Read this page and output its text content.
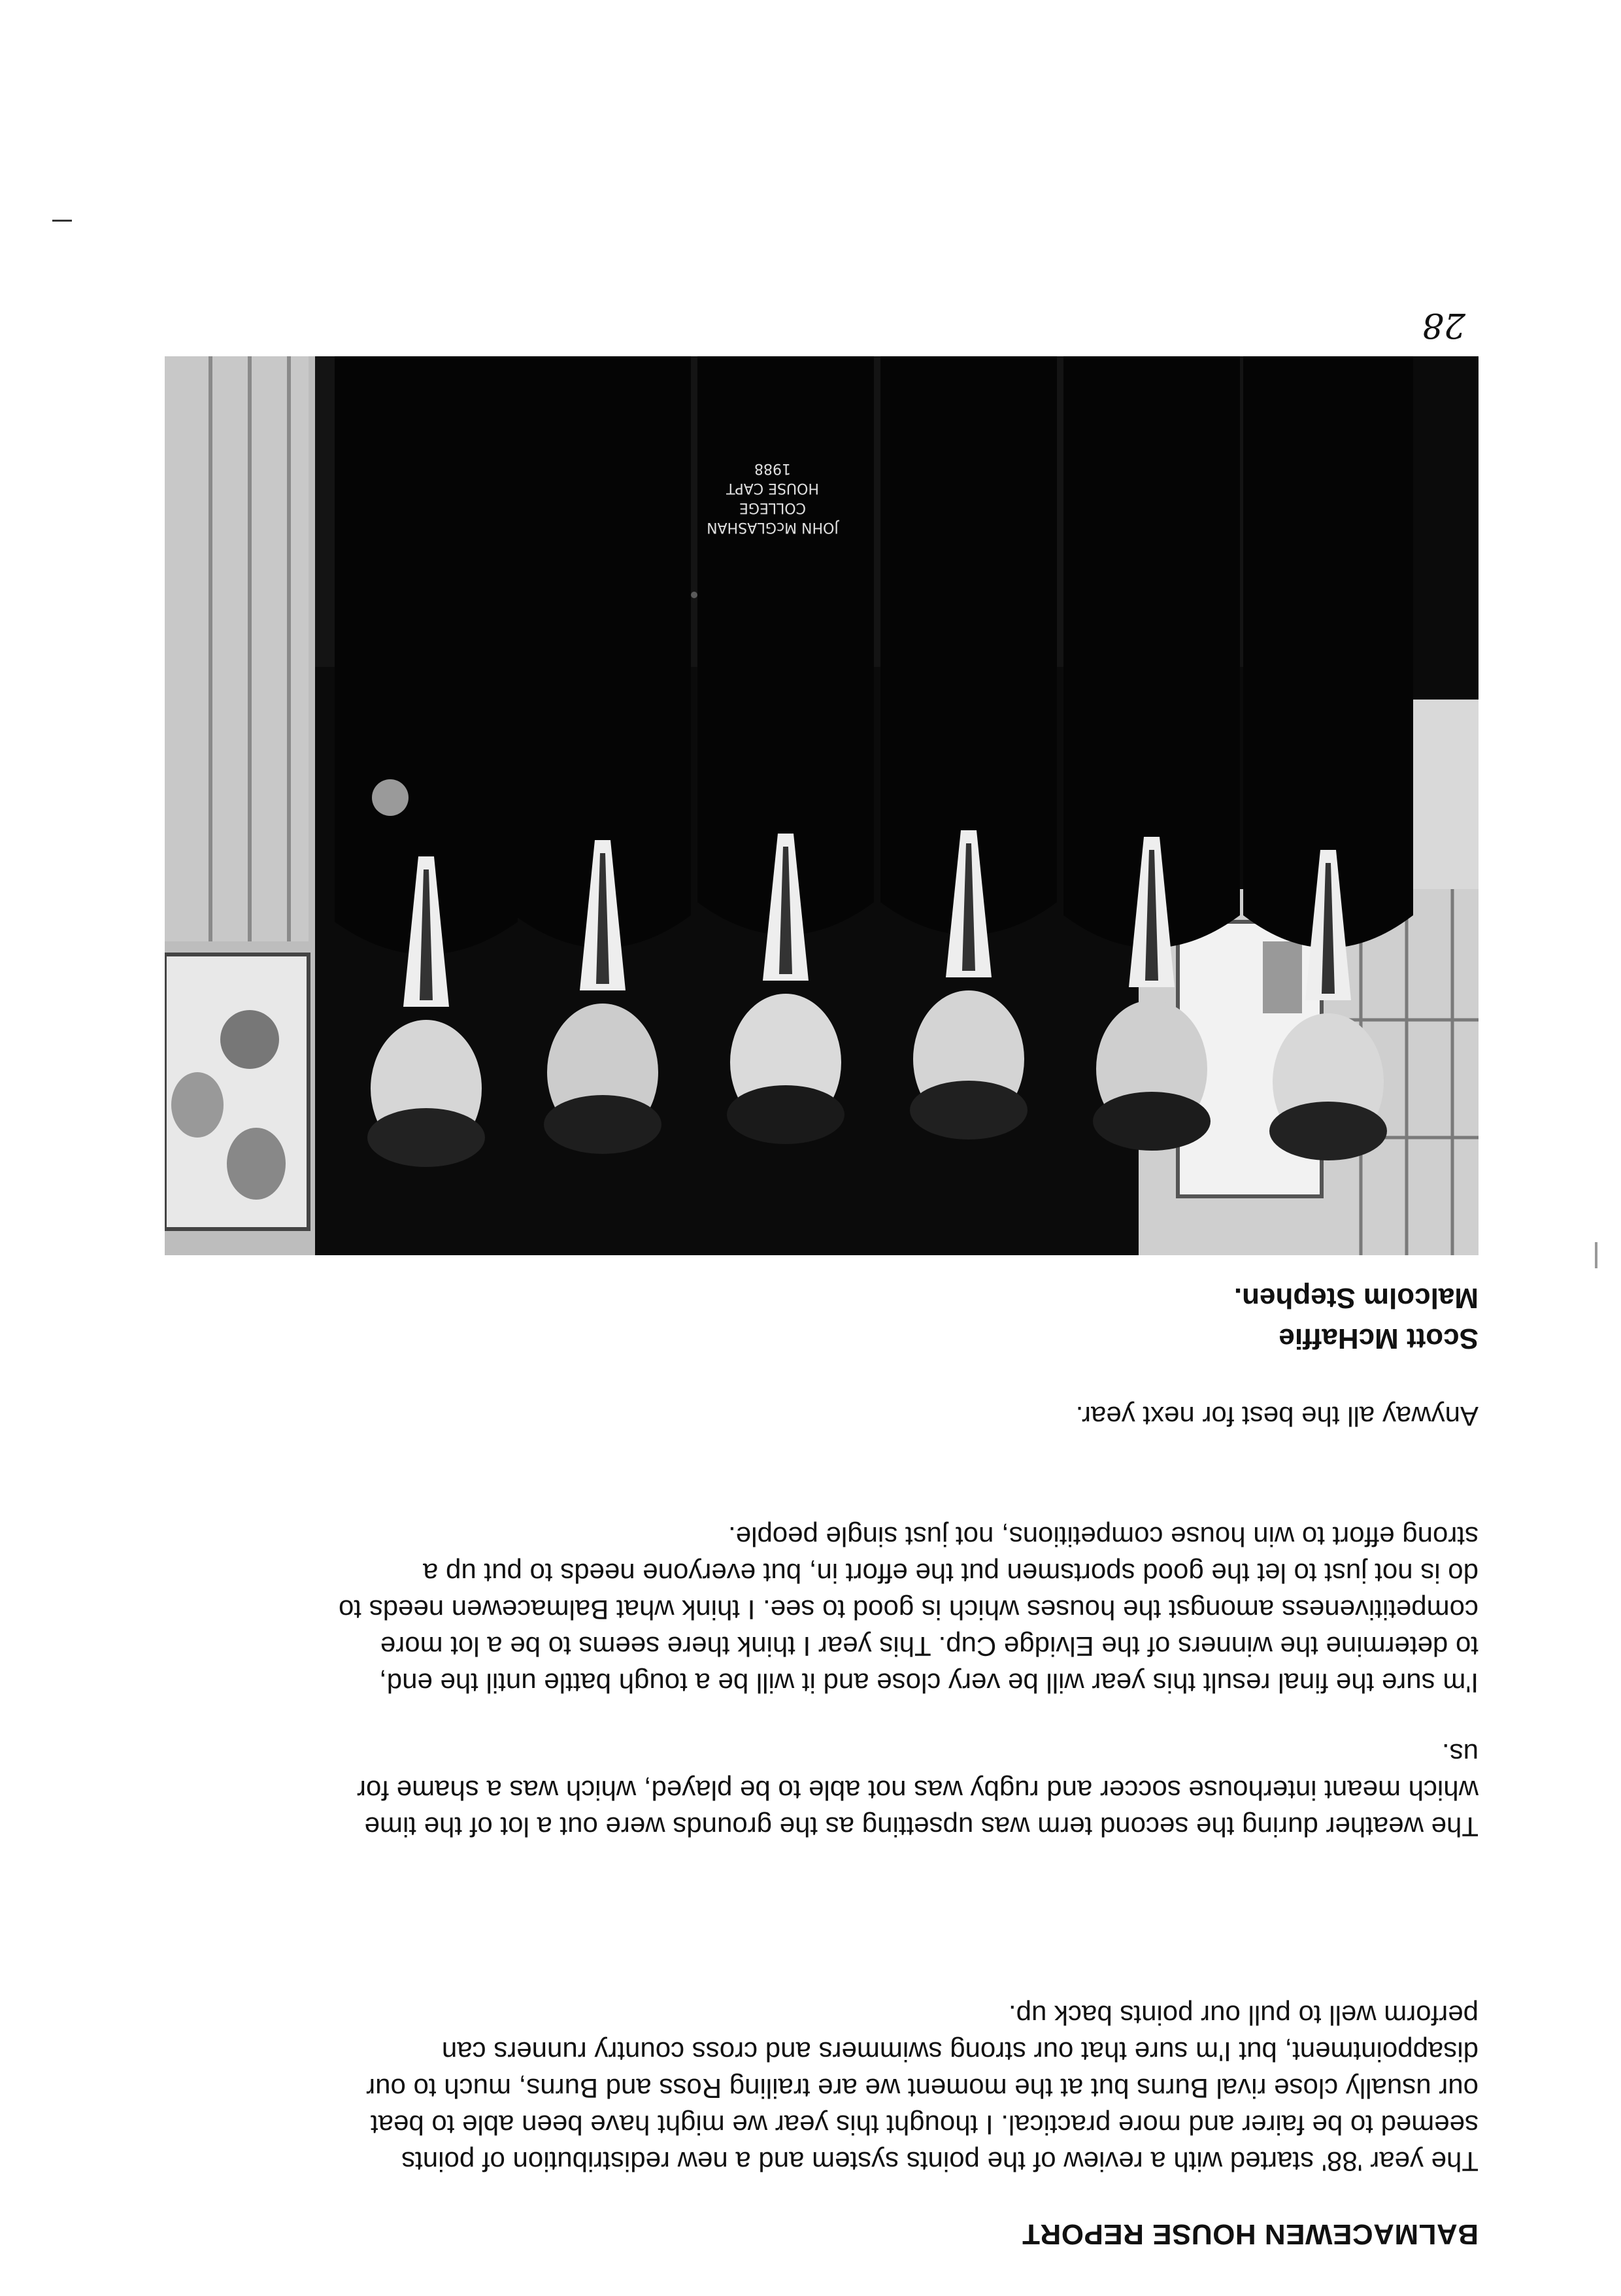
BALMACEWEN HOUSE REPORT

The year '88' started with a review of the points system and a new redistribution of points
seemed to be fairer and more practical. I thought this year we might have been able to beat
our usually close rival Burns but at the moment we are trailing Ross and Burns, much to our
disappointment, but I'm sure that our strong swimmers and cross country runners can
perform well to pull our points back up.

The weather during the second term was upsetting as the grounds were out a lot of the time
which meant interhouse soccer and rugby was not able to be played, which was a shame for
us.

I'm sure the final result this year will be very close and it will be a tough battle until the end,
to determine the winners of the Elvidge Cup. This year I think there seems to be a lot more
competitiveness amongst the houses which is good to see. I think what Balmacewen needs to
do is not just to let the good sportsmen put the effort in, but everyone needs to put up a
strong effort to win house competitions, not just single people.

Anyway all the best for next year.

Scott McHaffie

Malcolm Stephen.

JOHN McGLASHAN
COLLEGE
HOUSE CAPT
1988
28
